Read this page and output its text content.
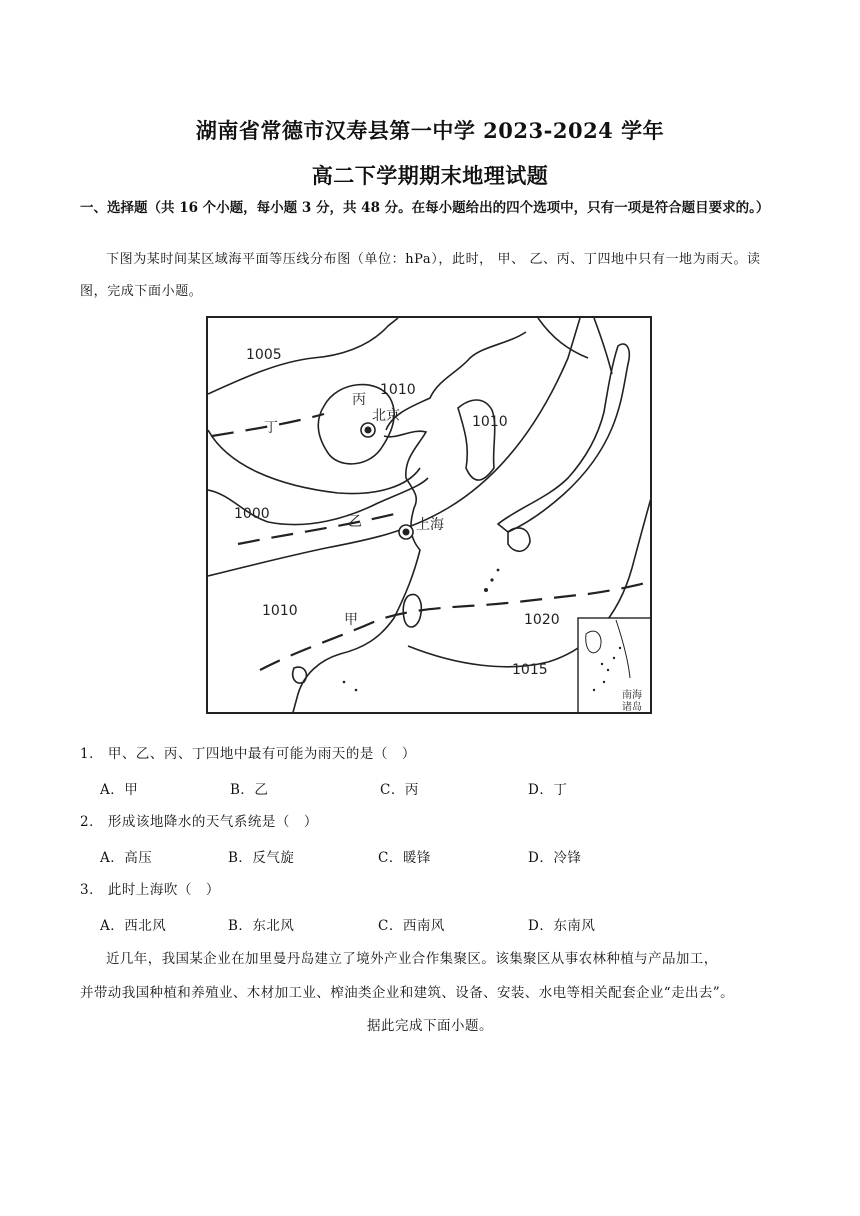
湖南省常德市汉寿县第一中学 2023-2024 学年
高二下学期期末地理试题
一、选择题（共 16 个小题，每小题 3 分，共 48 分。在每小题给出的四个选项中，只有一项是符合题目要求的。）
下图为某时间某区域海平面等压线分布图（单位：hPa），此时， 甲、 乙、丙、丁四地中只有一地为雨天。读图，完成下面小题。
1005
1010
丙
北京	1010
丁
1000	乙	上海
1010
甲	1020
1015
南海
诸岛
1． 甲、乙、丙、丁四地中最有可能为雨天的是（　）
A．甲	B．乙	C．丙	D．丁
2． 形成该地降水的天气系统是（　）
A．高压	B．反气旋	C．暖锋	D．冷锋
3． 此时上海吹（　）
A．西北风	B．东北风	C．西南风	D．东南风
近几年，我国某企业在加里曼丹岛建立了境外产业合作集聚区。该集聚区从事农林种植与产品加工，
并带动我国种植和养殖业、木材加工业、榨油类企业和建筑、设备、安装、水电等相关配套企业“走出去”。
据此完成下面小题。
